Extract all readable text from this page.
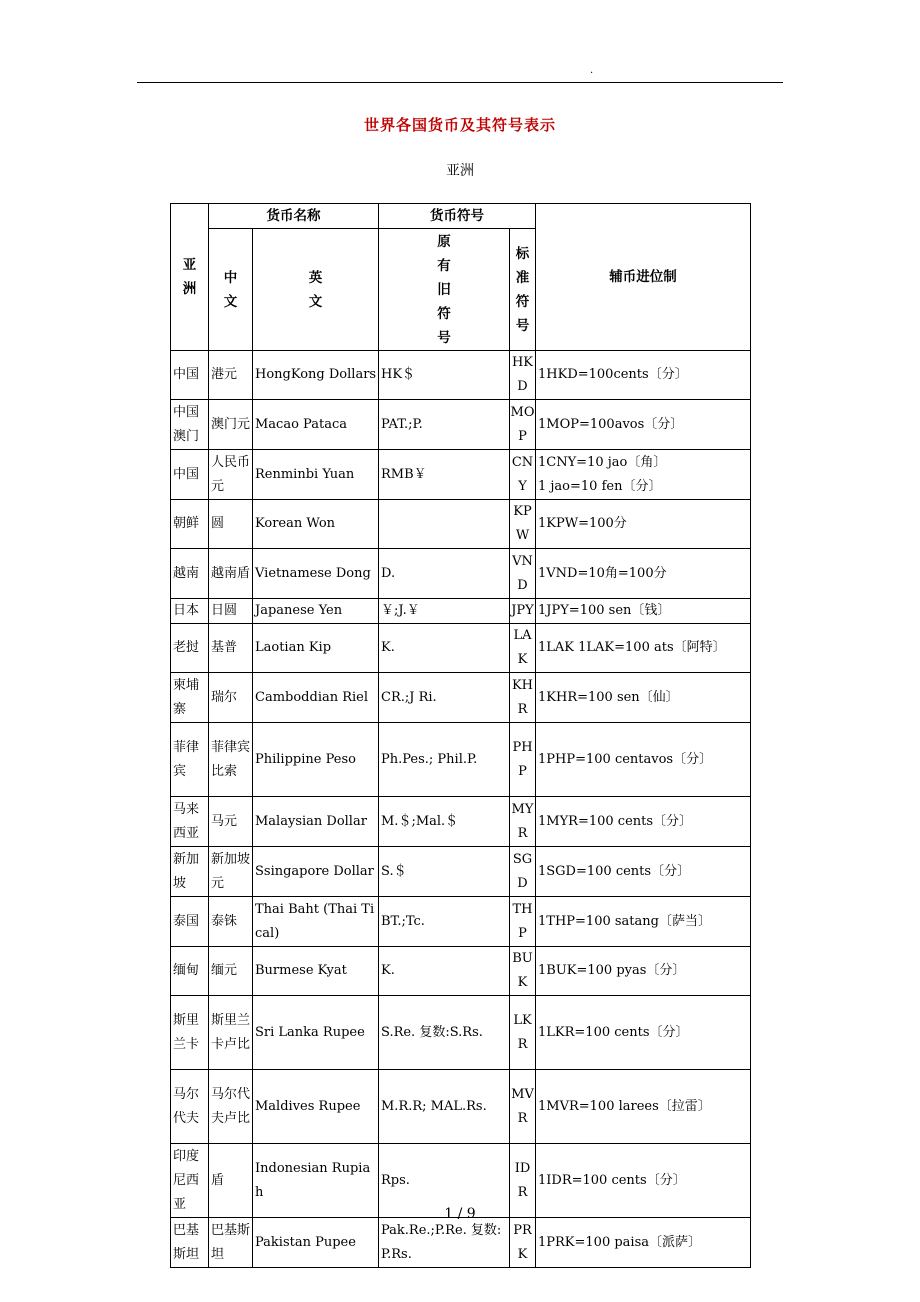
.
世界各国货币及其符号表示
亚洲
亚洲	货币名称		货币符号		辅币进位制

	中文	英文	原有旧符号	标准符号	

中国	港元	HongKong Dollars	HK＄	HKD	1HKD=100cents〔分〕
中国澳门	澳门元	Macao Pataca	PAT.;P.	MOP	1MOP=100avos〔分〕
中国	人民币元	Renminbi Yuan	RMB￥	CNY	1CNY=10 jao〔角〕
1 jao=10 fen〔分〕
朝鲜	圆	Korean Won		KPW	1KPW=100分
越南	越南盾	Vietnamese Dong	D.	VND	1VND=10角=100分
日本	日圆	Japanese Yen	￥;J.￥	JPY	1JPY=100 sen〔钱〕
老挝	基普	Laotian Kip	K.	LAK	1LAK 1LAK=100 ats〔阿特〕
柬埔寨	瑞尔	Camboddian Riel	CR.;J Ri.	KHR	1KHR=100 sen〔仙〕
菲律宾	菲律宾比索	Philippine Peso	Ph.Pes.; Phil.P.	PHP	1PHP=100 centavos〔分〕
马来西亚	马元	Malaysian Dollar	M.＄;Mal.＄	MYR	1MYR=100 cents〔分〕
新加坡	新加坡元	Ssingapore Dollar	S.＄	SGD	1SGD=100 cents〔分〕
泰国	泰铢	Thai Baht (Thai Tical)	BT.;Tc.	THP	1THP=100 satang〔萨当〕
缅甸	缅元	Burmese Kyat	K.	BUK	1BUK=100 pyas〔分〕
斯里兰卡	斯里兰卡卢比	Sri Lanka Rupee	S.Re. 复数:S.Rs.	LKR	1LKR=100 cents〔分〕
马尔代夫	马尔代夫卢比	Maldives Rupee	M.R.R; MAL.Rs.	MVR	1MVR=100 larees〔拉雷〕
印度尼西亚	盾	Indonesian Rupiah	Rps.	IDR	1IDR=100 cents〔分〕
巴基斯坦	巴基斯坦	Pakistan Pupee	Pak.Re.;P.Re. 复数:P.Rs.	PRK	1PRK=100 paisa〔派萨〕
1 / 9
